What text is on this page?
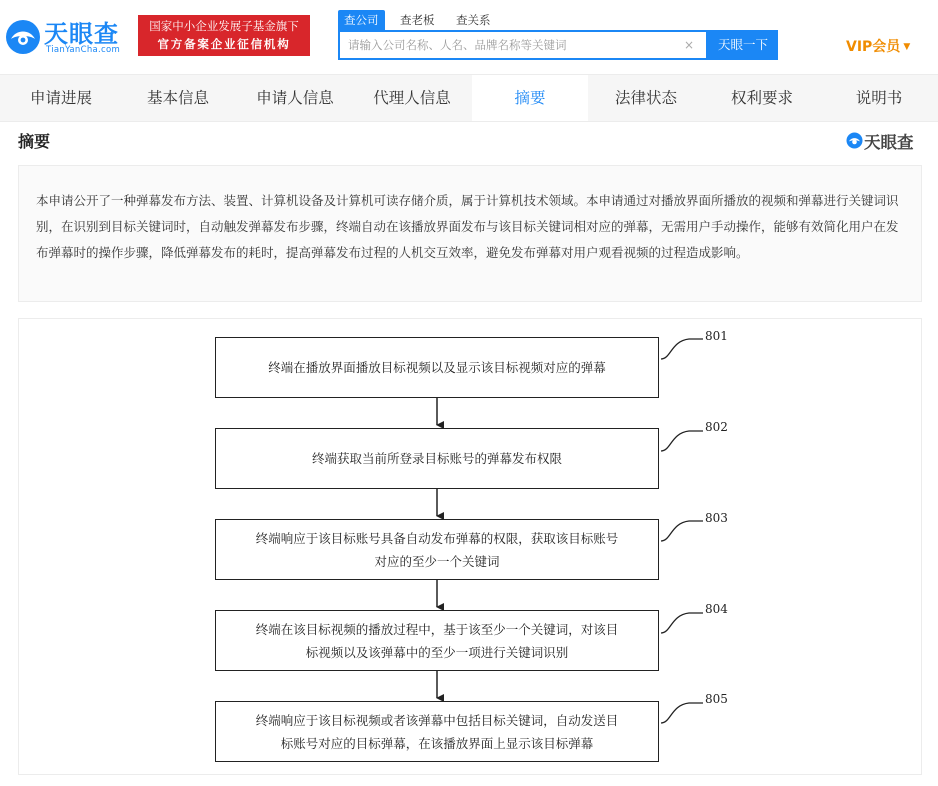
天眼查
TianYanCha.com
国家中小企业发展子基金旗下
官方备案企业征信机构
查公司	查老板 查关系
请输入公司名称、人名、品牌名称等关键词
×	天眼一下	VIP会员 ▼
申请进展	基本信息	申请人信息	代理人信息	摘要	法律状态	权利要求	说明书
摘要	天眼查
本申请公开了一种弹幕发布方法、装置、计算机设备及计算机可读存储介质，属于计算机技术领域。本申请通过对播放界面所播放的视频和弹幕进行关键词识别，在识别到目标关键词时，自动触发弹幕发布步骤，终端自动在该播放界面发布与该目标关键词相对应的弹幕，无需用户手动操作，能够有效简化用户在发布弹幕时的操作步骤，降低弹幕发布的耗时，提高弹幕发布过程的人机交互效率，避免发布弹幕对用户观看视频的过程造成影响。
终端在播放界面播放目标视频以及显示该目标视频对应的弹幕
801
终端获取当前所登录目标账号的弹幕发布权限
802
终端响应于该目标账号具备自动发布弹幕的权限，获取该目标账号
对应的至少一个关键词
803
终端在该目标视频的播放过程中，基于该至少一个关键词，对该目
标视频以及该弹幕中的至少一项进行关键词识别
804
终端响应于该目标视频或者该弹幕中包括目标关键词，自动发送目
标账号对应的目标弹幕，在该播放界面上显示该目标弹幕
805
